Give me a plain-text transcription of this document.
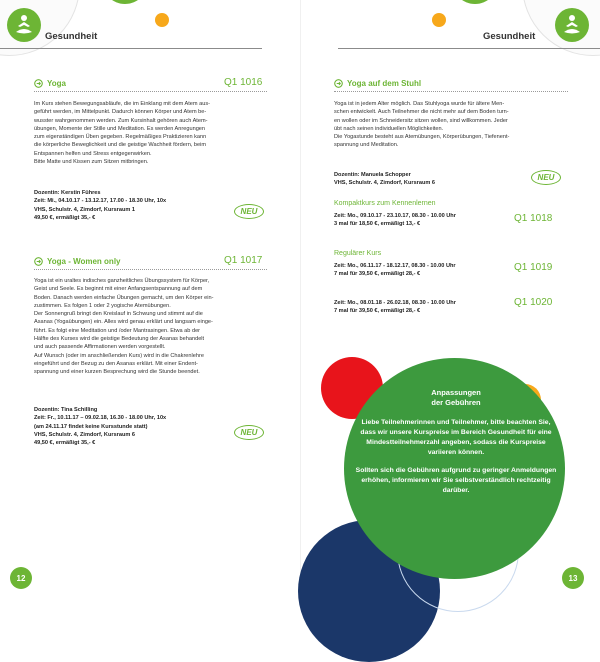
Gesundheit	Gesundheit
Yoga	Q1 1016

Im Kurs stehen Bewegungsabläufe, die im Einklang mit dem Atem aus-

geführt werden, im Mittelpunkt. Dadurch können Körper und Atem be-

wusster wahrgenommen werden. Zum Kursinhalt gehören auch Atem-

übungen, Momente der Stille und Meditation. Es werden Anregungen

zum eigenständigen Üben gegeben. Regelmäßiges Praktizieren kann

die körperliche Beweglichkeit und die geistige Wachheit fördern, beim

Entspannen helfen und Stress entgegenwirken.

Bitte Matte und Kissen zum Sitzen mitbringen.

Dozentin: Kerstin Führes
Zeit: Mi., 04.10.17 - 13.12.17, 17.00 - 18.30 Uhr, 10x
VHS, Schulstr. 4, Zimdorf, Kursraum 1
49,50 €, ermäßigt 35,- €
NEU
Yoga - Women only	Q1 1017

Yoga ist ein uraltes indisches ganzheitliches Übungssystem für Körper,

Geist und Seele. Es beginnt mit einer Anfangsentspannung auf dem

Boden. Danach werden einfache Übungen gemacht, um den Körper ein-

zustimmen. Es folgen 1 oder 2 yogische Atemübungen.

Der Sonnengruß bringt den Kreislauf in Schwung und stimmt auf die

Asanas (Yogaübungen) ein. Alles wird genau erklärt und langsam einge-

führt. Es folgt eine Meditation und /oder Mantrasingen. Etwa ab der

Hälfte des Kurses wird die geistige Bedeutung der Asanas behandelt

und auch passende Affirmationen werden vorgestellt.

Auf Wunsch (oder im anschließenden Kurs) wird in die Chakrenlehre

eingeführt und der Bezug zu den Asanas erklärt. Mit einer Endent-

spannung und einer kurzen Besprechung wird die Stunde beendet.

Dozentin: Tina Schilling
Zeit: Fr., 10.11.17 – 09.02.18, 16.30 - 18.00 Uhr, 10x
(am 24.11.17 findet keine Kursstunde statt)
VHS, Schulstr. 4, Zimdorf, Kursraum 6
49,50 €, ermäßigt 35,- €
NEU
12
Yoga auf dem Stuhl

Yoga ist in jedem Alter möglich. Das Stuhlyoga wurde für ältere Men-

schen entwickelt. Auch Teilnehmer die nicht mehr auf dem Boden turn-

en wollen oder im Schneidersitz sitzen wollen, sind willkommen. Jeder

übt nach seinen individuellen Möglichkeiten.

Die Yogastunde besteht aus Atemübungen, Körperübungen, Tiefenent-

spannung und Meditation.

Dozentin: Manuela Schopper
VHS, Schulstr. 4, Zimdorf, Kursraum 6
NEU
Kompaktkurs zum Kennenlernen
Zeit: Mo., 09.10.17 - 23.10.17, 08.30 - 10.00 Uhr
3 mal für 18,50 €, ermäßigt 13,- €
Q1 1018
Regulärer Kurs
Zeit: Mo., 06.11.17 - 18.12.17, 08.30 - 10.00 Uhr
7 mal für 39,50 €, ermäßigt 28,- €
Q1 1019
Zeit: Mo., 08.01.18 - 26.02.18, 08.30 - 10.00 Uhr
7 mal für 39,50 €, ermäßigt 28,- €
Q1 1020

Anpassungen
der Gebühren

Liebe Teilnehmerinnen und Teilnehmer, bitte beachten Sie, dass wir unsere Kurspreise im Bereich Gesundheit für eine Mindestteilnehmerzahl angeben, sodass die Kurspreise variieren können.

Sollten sich die Gebühren aufgrund zu geringer Anmeldungen erhöhen, informieren wir Sie selbstverständlich rechtzeitig darüber.

13
